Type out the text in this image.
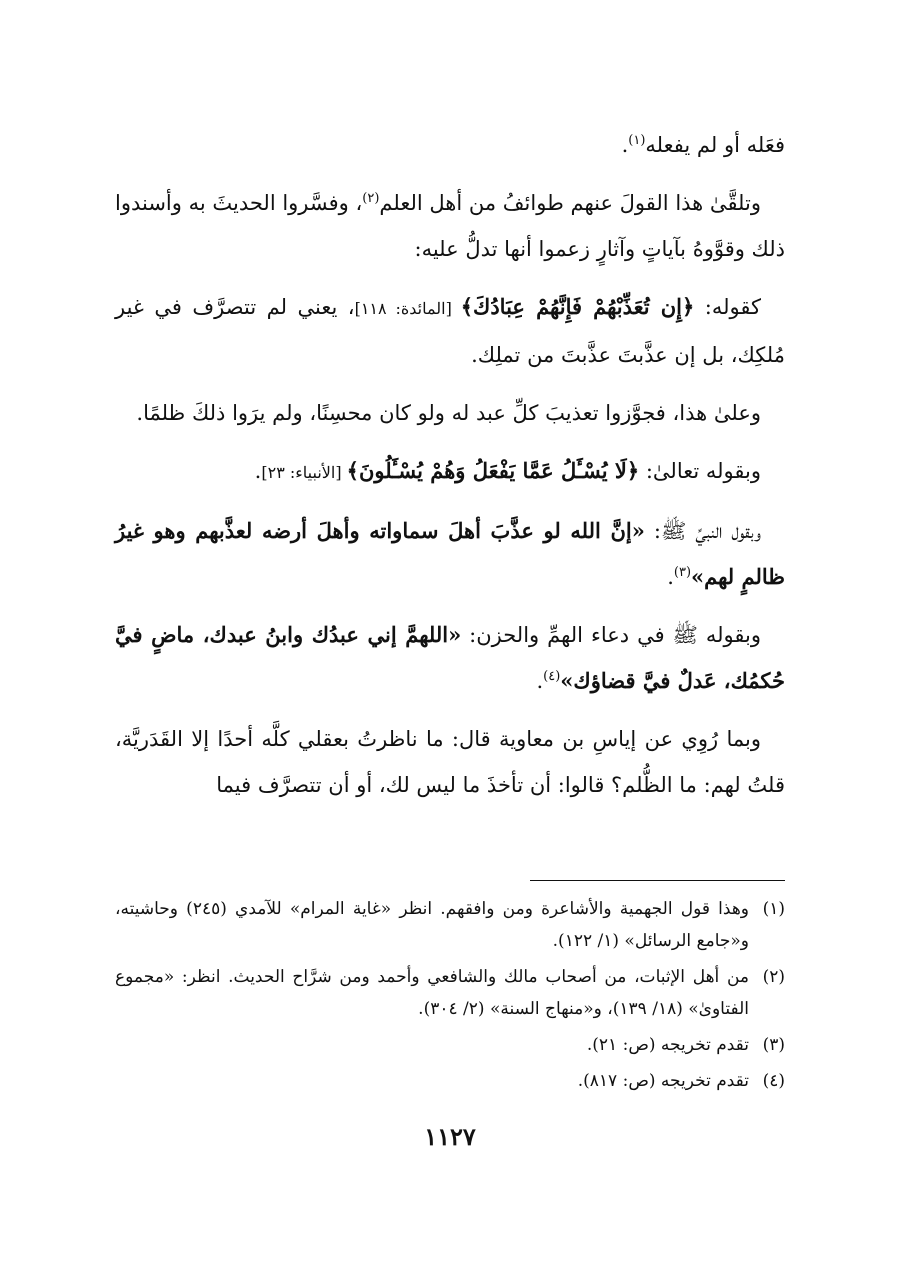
فعَله أو لم يفعله$^{(١)}$.

وتلقَّىٰ هذا القولَ عنهم طوائفُ من أهل العلم$^{(٢)}$، وفسَّروا الحديثَ به وأسندوا ذلك وقوَّوهُ بآياتٍ وآثارٍ زعموا أنها تدلُّ عليه:

كقوله: ﴿إِن تُعَذِّبْهُمْ فَإِنَّهُمْ عِبَادُكَ﴾ [المائدة: ١١٨]، يعني لم تتصرَّف في غير مُلكِك، بل إن عذَّبتَ عذَّبتَ من تملِك.

وعلىٰ هذا، فجوَّزوا تعذيبَ كلِّ عبد له ولو كان محسِنًا، ولم يرَوا ذلكَ ظلمًا.

وبقوله تعالىٰ: ﴿لَا يُسْـَٔلُ عَمَّا يَفْعَلُ وَهُمْ يُسْـَٔلُونَ﴾ [الأنبياء: ٢٣].

وبقول النبيِّ ﷺ: «إنَّ الله لو عذَّبَ أهلَ سماواته وأهلَ أرضه لعذَّبهم وهو غيرُ ظالمٍ لهم»$^{(٣)}$.

وبقوله ﷺ في دعاء الهمِّ والحزن: «اللهمَّ إني عبدُك وابنُ عبدك، ماضٍ فيَّ حُكمُك، عَدلٌ فيَّ قضاؤك»$^{(٤)}$.

وبما رُوِي عن إياسِ بن معاوية قال: ما ناظرتُ بعقلي كلَّه أحدًا إلا القَدَريَّة، قلتُ لهم: ما الظُّلم؟ قالوا: أن تأخذَ ما ليس لك، أو أن تتصرَّف فيما

(١)
وهذا قول الجهمية والأشاعرة ومن وافقهم. انظر «غاية المرام» للآمدي (٢٤٥) وحاشيته، و«جامع الرسائل» (١/ ١٢٢).
(٢)
من أهل الإثبات، من أصحاب مالك والشافعي وأحمد ومن شرَّاح الحديث. انظر: «مجموع الفتاوىٰ» (١٨/ ١٣٩)، و«منهاج السنة» (٢/ ٣٠٤).
(٣)
تقدم تخريجه (ص: ٢١).
(٤)
تقدم تخريجه (ص: ٨١٧).
١١٢٧
